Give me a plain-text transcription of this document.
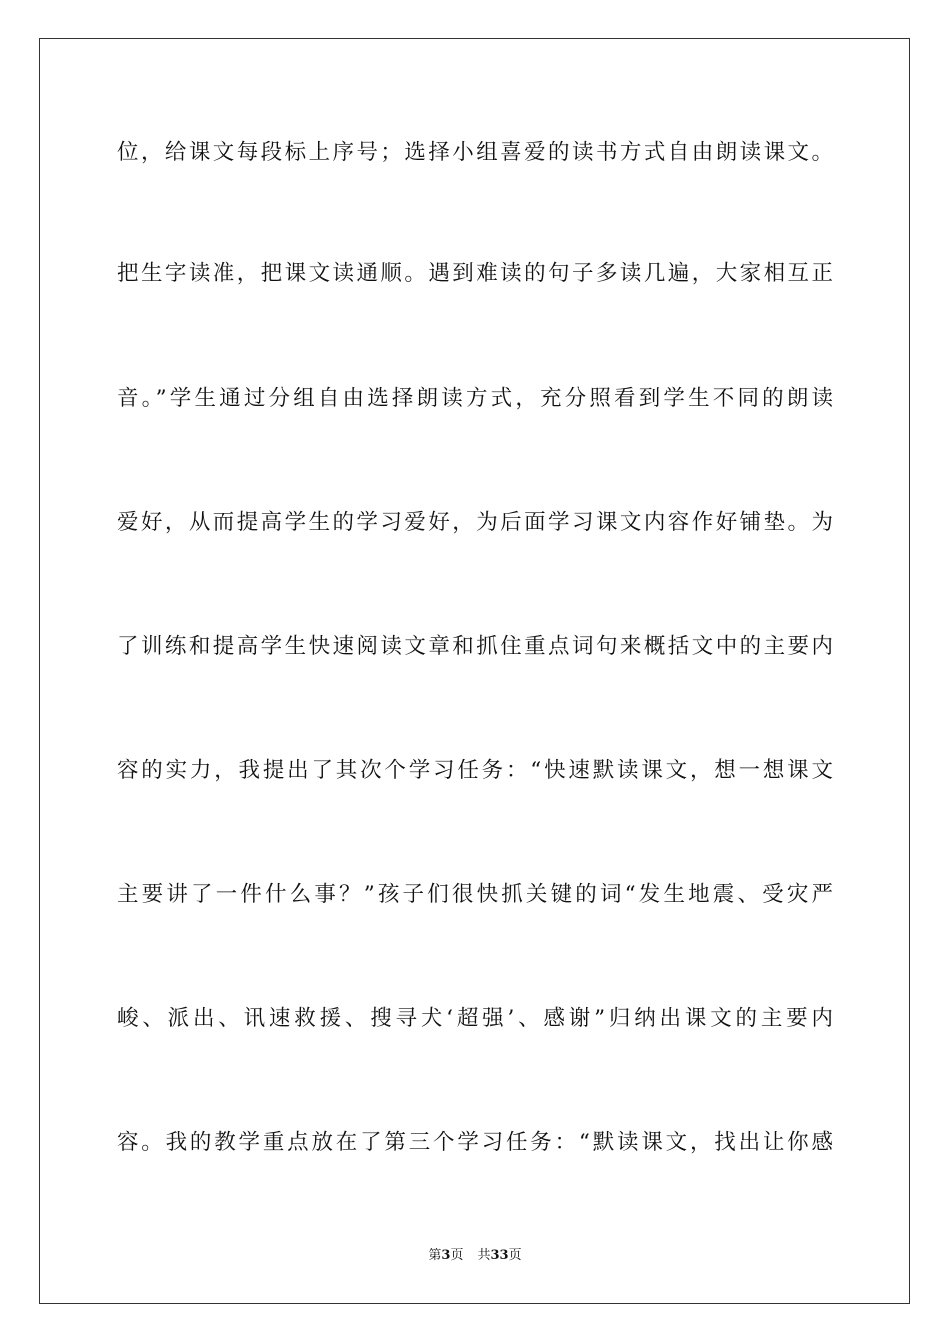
位，给课文每段标上序号；选择小组喜爱的读书方式自由朗读课文。
把生字读准，把课文读通顺。遇到难读的句子多读几遍，大家相互正
音。”学生通过分组自由选择朗读方式，充分照看到学生不同的朗读
爱好，从而提高学生的学习爱好，为后面学习课文内容作好铺垫。为
了训练和提高学生快速阅读文章和抓住重点词句来概括文中的主要内
容的实力，我提出了其次个学习任务：“快速默读课文，想一想课文
主要讲了一件什么事？”孩子们很快抓关键的词“发生地震、受灾严
峻、派出、讯速救援、搜寻犬‘超强’、感谢”归纳出课文的主要内
容。我的教学重点放在了第三个学习任务：“默读课文，找出让你感
第3页 共33页
